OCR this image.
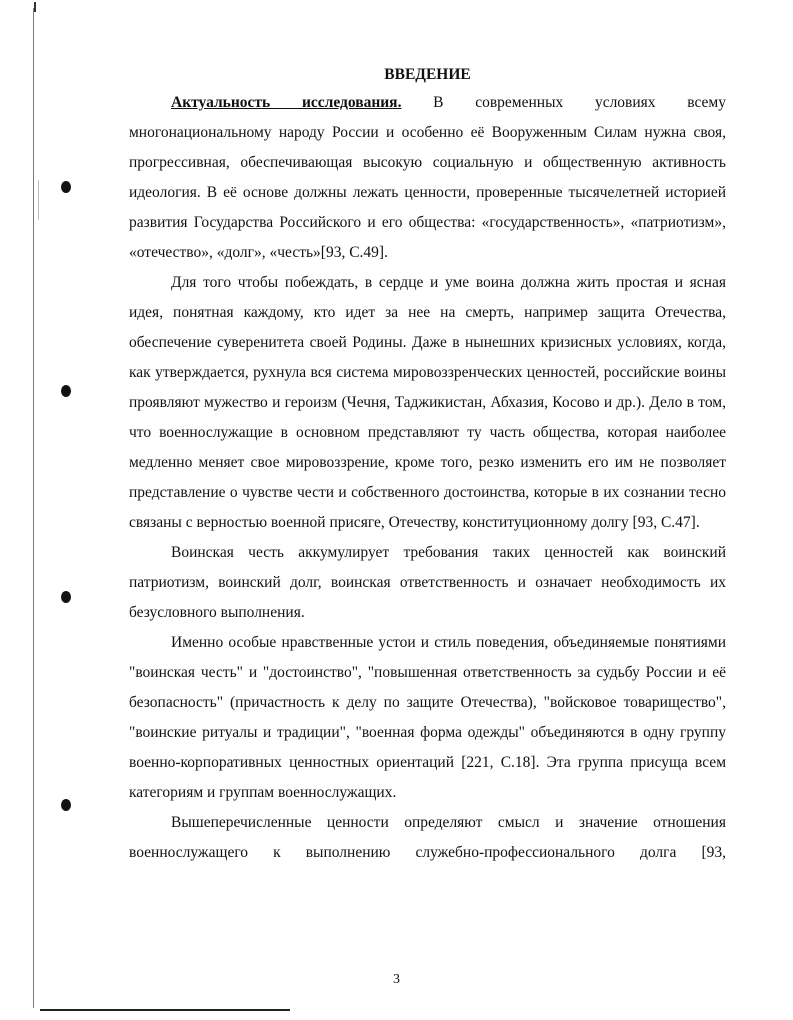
ВВЕДЕНИЕ

Актуальность исследования. В современных условиях всему многонациональному народу России и особенно её Вооруженным Силам нужна своя, прогрессивная, обеспечивающая высокую социальную и общественную активность идеология. В её основе должны лежать ценности, проверенные тысячелетней историей развития Государства Российского и его общества: «государственность», «патриотизм», «отечество», «долг», «честь»[93, С.49].

Для того чтобы побеждать, в сердце и уме воина должна жить простая и ясная идея, понятная каждому, кто идет за нее на смерть, например защита Отечества, обеспечение суверенитета своей Родины. Даже в нынешних кризисных условиях, когда, как утверждается, рухнула вся система мировоззренческих ценностей, российские воины проявляют мужество и героизм (Чечня, Таджикистан, Абхазия, Косово и др.). Дело в том, что военнослужащие в основном представляют ту часть общества, которая наиболее медленно меняет свое мировоззрение, кроме того, резко изменить его им не позволяет представление о чувстве чести и собственного достоинства, которые в их сознании тесно связаны с верностью военной присяге, Отечеству, конституционному долгу [93, С.47].

Воинская честь аккумулирует требования таких ценностей как воинский патриотизм, воинский долг, воинская ответственность и означает необходимость их безусловного выполнения.

Именно особые нравственные устои и стиль поведения, объединяемые понятиями "воинская честь" и "достоинство", "повышенная ответственность за судьбу России и её безопасность" (причастность к делу по защите Отечества), "войсковое товарищество", "воинские ритуалы и традиции", "военная форма одежды" объединяются в одну группу военно-корпоративных ценностных ориентаций [221, С.18]. Эта группа присуща всем категориям и группам военнослужащих.

Вышеперечисленные ценности определяют смысл и значение отношения военнослужащего к выполнению служебно-профессионального долга [93,

3
